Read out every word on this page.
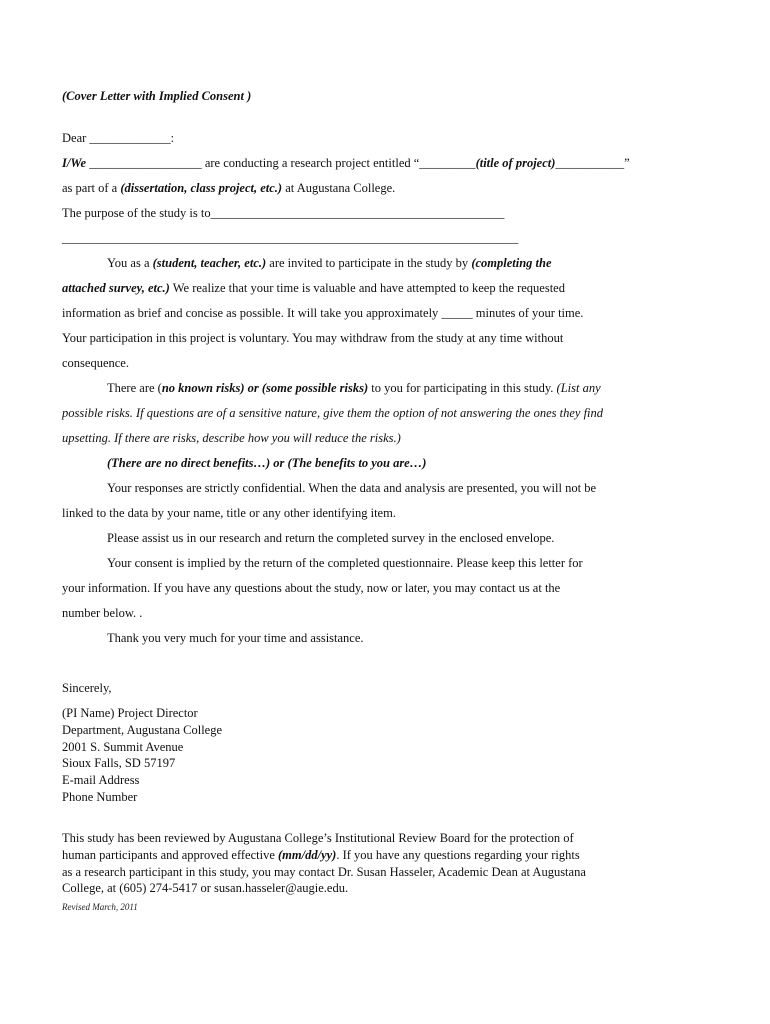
(Cover Letter with Implied Consent )
Dear _____________:
I/We __________________ are conducting a research project entitled “_________(title of project)___________”
as part of a (dissertation, class project, etc.) at Augustana College.
The purpose of the study is to_______________________________________________
_________________________________________________________________________
You as a (student, teacher, etc.) are invited to participate in the study by (completing the
attached survey, etc.) We realize that your time is valuable and have attempted to keep the requested
information as brief and concise as possible. It will take you approximately _____ minutes of your time.
Your participation in this project is voluntary. You may withdraw from the study at any time without
consequence.
There are (no known risks) or (some possible risks) to you for participating in this study. (List any
possible risks. If questions are of a sensitive nature, give them the option of not answering the ones they find
upsetting. If there are risks, describe how you will reduce the risks.)
(There are no direct benefits…) or (The benefits to you are…)
Your responses are strictly confidential. When the data and analysis are presented, you will not be
linked to the data by your name, title or any other identifying item.
Please assist us in our research and return the completed survey in the enclosed envelope.
Your consent is implied by the return of the completed questionnaire. Please keep this letter for
your information. If you have any questions about the study, now or later, you may contact us at the
number below. .
Thank you very much for your time and assistance.
Sincerely,
(PI Name) Project Director
Department, Augustana College
2001 S. Summit Avenue
Sioux Falls, SD 57197
E-mail Address
Phone Number
This study has been reviewed by Augustana College’s Institutional Review Board for the protection of
human participants and approved effective (mm/dd/yy). If you have any questions regarding your rights
as a research participant in this study, you may contact Dr. Susan Hasseler, Academic Dean at Augustana
College, at (605) 274-5417 or susan.hasseler@augie.edu.
Revised March, 2011
